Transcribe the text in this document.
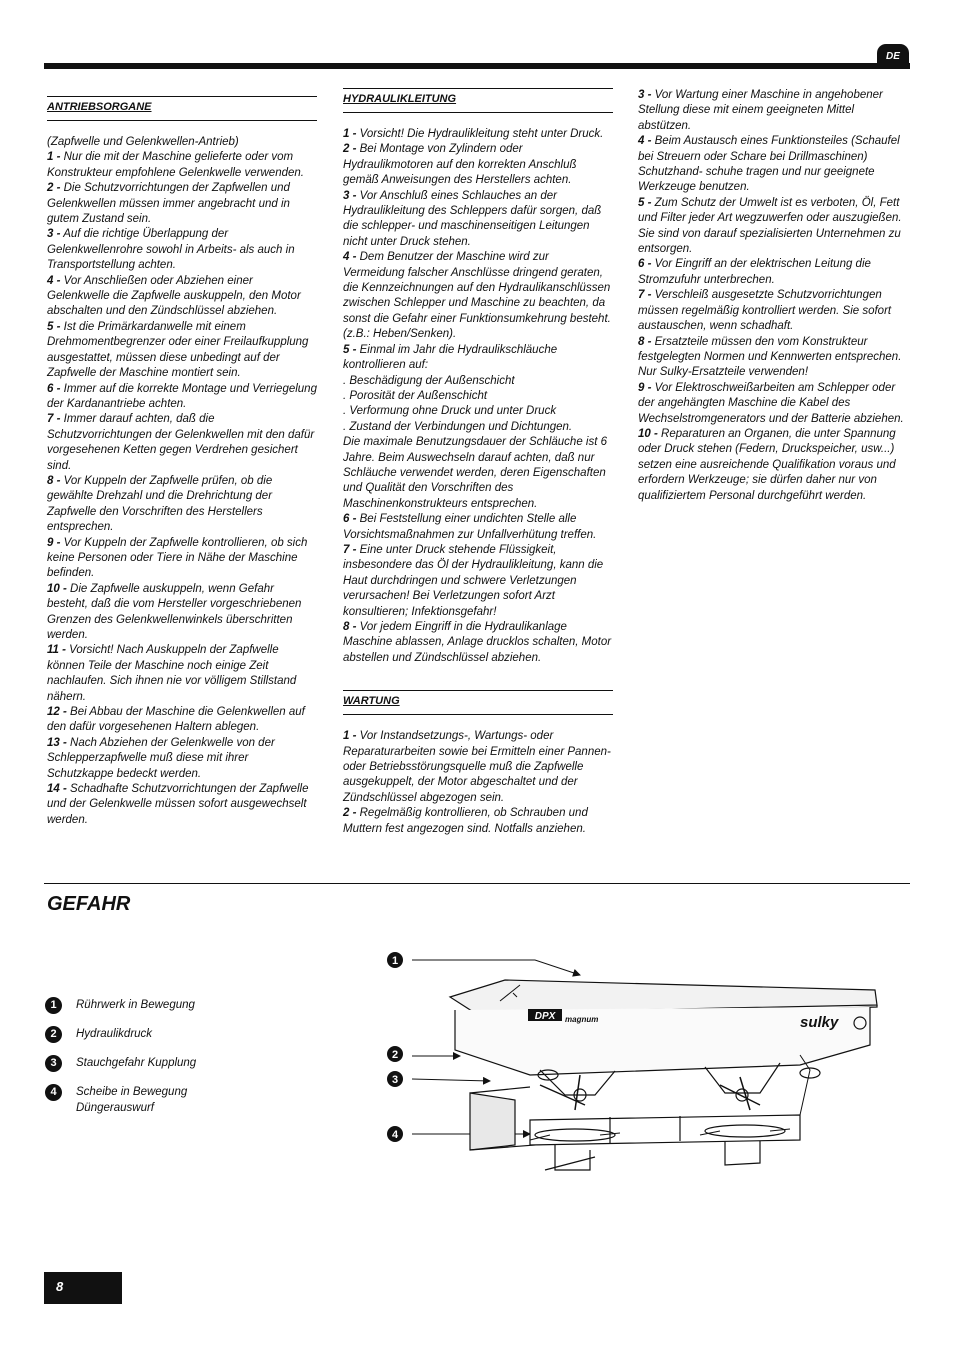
DE
ANTRIEBSORGANE

(Zapfwelle und Gelenkwellen-Antrieb)

1 - Nur die mit der Maschine gelieferte oder vom Konstrukteur empfohlene Gelenkwelle verwenden.

2 - Die Schutzvorrichtungen der Zapfwellen und Gelenkwellen müssen immer angebracht und in gutem Zustand sein.

3 - Auf die richtige Überlappung der Gelenkwellenrohre sowohl in Arbeits- als auch in Transportstellung achten.

4 - Vor Anschließen oder Abziehen einer Gelenkwelle die Zapfwelle auskuppeln, den Motor abschalten und den Zündschlüssel abziehen.

5 - Ist die Primärkardanwelle mit einem Drehmomentbegrenzer oder einer Freilaufkupplung ausgestattet, müssen diese unbedingt auf der Zapfwelle der Maschine montiert sein.

6 - Immer auf die korrekte Montage und Verriegelung der Kardanantriebe achten.

7 - Immer darauf achten, daß die Schutzvorrichtungen der Gelenkwellen mit den dafür vorgesehenen Ketten gegen Verdrehen gesichert sind.

8 - Vor Kuppeln der Zapfwelle prüfen, ob die gewählte Drehzahl und die Drehrichtung der Zapfwelle den Vorschriften des Herstellers entsprechen.

9 - Vor Kuppeln der Zapfwelle kontrollieren, ob sich keine Personen oder Tiere in Nähe der Maschine befinden.

10 - Die Zapfwelle auskuppeln, wenn Gefahr besteht, daß die vom Hersteller vorgeschriebenen Grenzen des Gelenkwellenwinkels überschritten werden.

11 - Vorsicht! Nach Auskuppeln der Zapfwelle können Teile der Maschine noch einige Zeit nachlaufen. Sich ihnen nie vor völligem Stillstand nähern.

12 - Bei Abbau der Maschine die Gelenkwellen auf den dafür vorgesehenen Haltern ablegen.

13 - Nach Abziehen der Gelenkwelle von der Schlepperzapfwelle muß diese mit ihrer Schutzkappe bedeckt werden.

14 - Schadhafte Schutzvorrichtungen der Zapfwelle und der Gelenkwelle müssen sofort ausgewechselt werden.

HYDRAULIKLEITUNG

1 - Vorsicht! Die Hydraulikleitung steht unter Druck.

2 - Bei Montage von Zylindern oder Hydraulikmotoren auf den korrekten Anschluß gemäß Anweisungen des Herstellers achten.

3 - Vor Anschluß eines Schlauches an der Hydraulikleitung des Schleppers dafür sorgen, daß die schlepper- und maschinenseitigen Leitungen nicht unter Druck stehen.

4 - Dem Benutzer der Maschine wird zur Vermeidung falscher Anschlüsse dringend geraten, die Kennzeichnungen auf den Hydraulikanschlüssen zwischen Schlepper und Maschine zu beachten, da sonst die Gefahr einer Funktionsumkehrung besteht. (z.B.: Heben/Senken).

5 - Einmal im Jahr die Hydraulikschläuche kontrollieren auf:

. Beschädigung der Außenschicht

. Porosität der Außenschicht

. Verformung ohne Druck und unter Druck

. Zustand der Verbindungen und Dichtungen.

Die maximale Benutzungsdauer der Schläuche ist 6 Jahre. Beim Auswechseln darauf achten, daß nur Schläuche verwendet werden, deren Eigenschaften und Qualität den Vorschriften des Maschinenkonstrukteurs entsprechen.

6 - Bei Feststellung einer undichten Stelle alle Vorsichtsmaßnahmen zur Unfallverhütung treffen.

7 - Eine unter Druck stehende Flüssigkeit, insbesondere das Öl der Hydraulikleitung, kann die Haut durchdringen und schwere Verletzungen verursachen! Bei Verletzungen sofort Arzt konsultieren; Infektionsgefahr!

8 - Vor jedem Eingriff in die Hydraulikanlage Maschine ablassen, Anlage drucklos schalten, Motor abstellen und Zündschlüssel abziehen.

WARTUNG

1 - Vor Instandsetzungs-, Wartungs- oder Reparaturarbeiten sowie bei Ermitteln einer Pannen- oder Betriebsstörungsquelle muß die Zapfwelle ausgekuppelt, der Motor abgeschaltet und der Zündschlüssel abgezogen sein.

2 - Regelmäßig kontrollieren, ob Schrauben und Muttern fest angezogen sind. Notfalls anziehen.

3 - Vor Wartung einer Maschine in angehobener Stellung diese mit einem geeigneten Mittel abstützen.

4 - Beim Austausch eines Funktionsteiles (Schaufel bei Streuern oder Schare bei Drillmaschinen) Schutzhand- schuhe tragen und nur geeignete Werkzeuge benutzen.

5 - Zum Schutz der Umwelt ist es verboten, Öl, Fett und Filter jeder Art wegzuwerfen oder auszugießen. Sie sind von darauf spezialisierten Unternehmen zu entsorgen.

6 - Vor Eingriff an der elektrischen Leitung die Stromzufuhr unterbrechen.

7 - Verschleiß ausgesetzte Schutzvorrichtungen müssen regelmäßig kontrolliert werden. Sie sofort austauschen, wenn schadhaft.

8 - Ersatzteile müssen den vom Konstrukteur festgelegten Normen und Kennwerten entsprechen. Nur Sulky-Ersatzteile verwenden!

9 - Vor Elektroschweißarbeiten am Schlepper oder der angehängten Maschine die Kabel des Wechselstromgenerators und der Batterie abziehen.

10 - Reparaturen an Organen, die unter Spannung oder Druck stehen (Federn, Druckspeicher, usw...) setzen eine ausreichende Qualifikation voraus und erfordern Werkzeuge; sie dürfen daher nur von qualifiziertem Personal durchgeführt werden.

GEFAHR
1	Rührwerk in Bewegung
2	Hydraulikdruck
3	Stauchgefahr Kupplung
4	Scheibe in Bewegung Düngerauswurf
1
2
3
4
DPX magnum	sulky
8
